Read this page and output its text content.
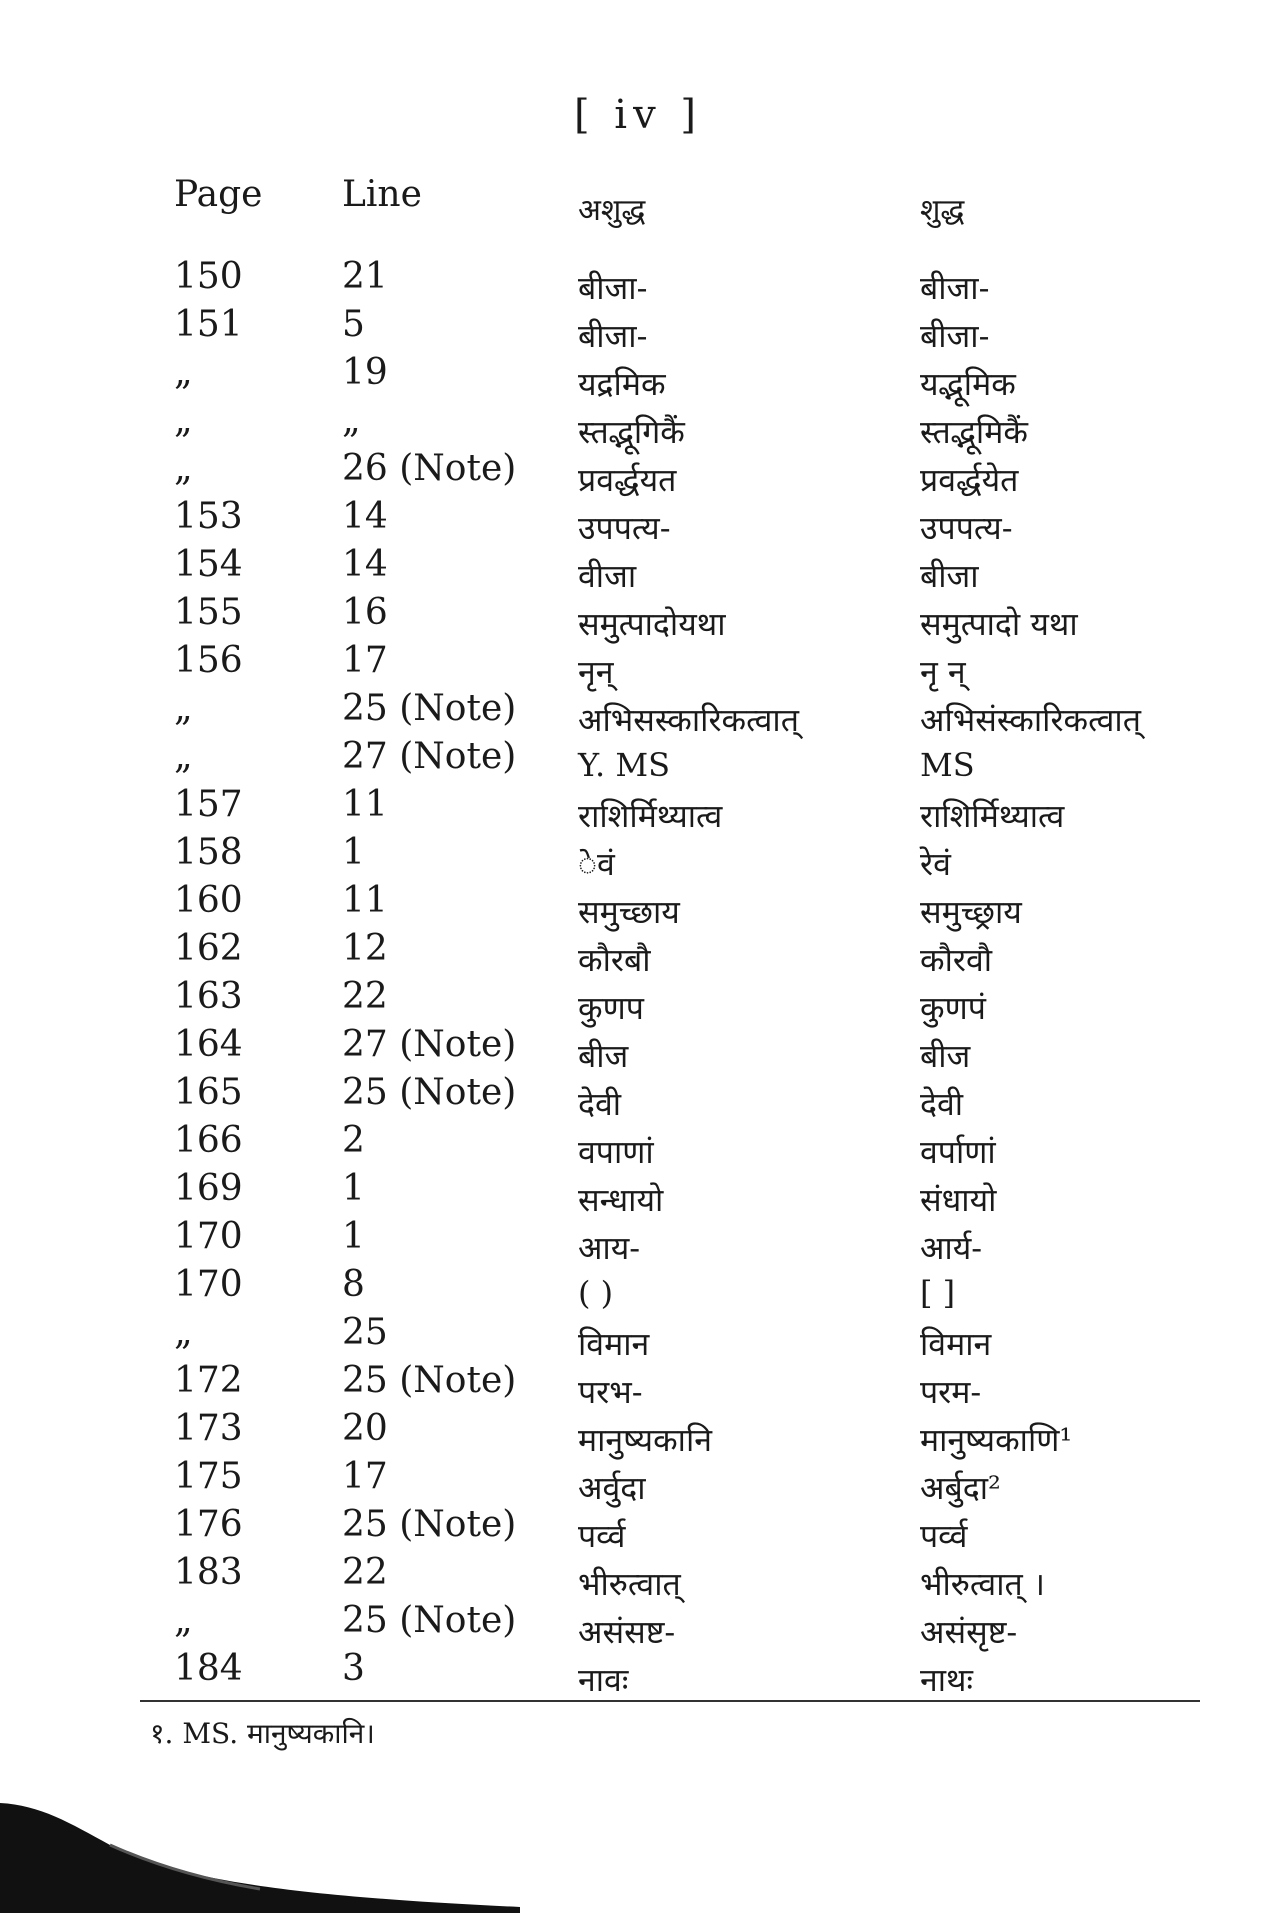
[ iv ]
Page Line	अशुद्ध	शुद्ध
150	21	बीजा-	बीजा-
151	5	बीजा-	बीजा-
„	19	यद्रमिक	यद्भूमिक
„	„	स्तद्भूगिकैं	स्तद्भूमिकैं
„	26 (Note) प्रवर्द्धयत	प्रवर्द्धयेत
153	14	उपपत्य-	उपपत्य-
154	14	वीजा	बीजा
155	16	समुत्पादोयथा	समुत्पादो यथा
156	17	नृन्	नृ न्
„	25 (Note) अभिसस्कारिकत्वात्	अभिसंस्कारिकत्वात्
„	27 (Note) Y. MS	MS
157	11	राशिर्मिथ्यात्व	राशिर्मिथ्यात्व
158	1	ेवं	रेवं
160	11	समुच्छाय	समुच्छ्राय
162	12	कौरबौ	कौरवौ
163	22	कुणप	कुणपं
164	27 (Note) बीज	बीज
165	25 (Note) देवी	देवी
166	2	वपाणां	वर्पाणां
169	1	सन्धायो	संधायो
170	1	आय-	आर्य-
170	8	( )	[ ]
„	25	विमान	विमान
172	25 (Note) परभ-	परम-
173	20	मानुष्यकानि	मानुष्यकाणि¹
175	17	अर्वुदा	अर्बुदा²
176	25 (Note) पर्व्व	पर्व्व
183	22	भीरुत्वात्	भीरुत्वात् ।
„	25 (Note) असंसष्ट-	असंसृष्ट-
184	3	नावः	नाथः
१. MS. मानुष्यकानि।
